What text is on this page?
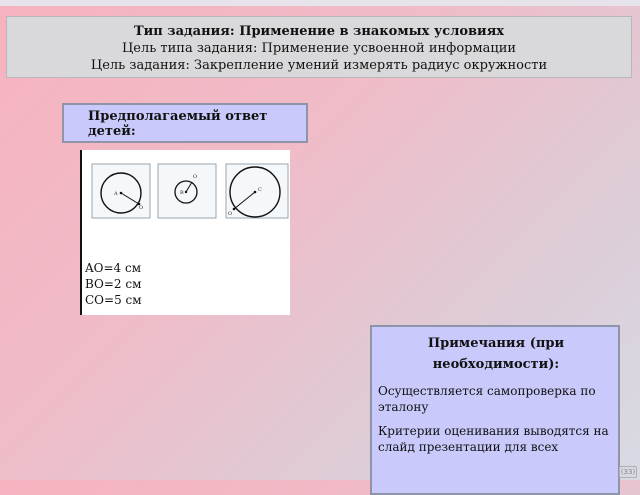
Тип задания: Применение в знакомых условиях
Цель типа задания: Применение усвоенной информации
Цель задания: Закрепление умений измерять радиус окружности
Предполагаемый ответ детей:
A
O
O
B
O
C
AO=4 см
BO=2 см
CO=5 см
Примечания (при необходимости):
Осуществляется самопроверка по эталону
Критерии оценивания выводятся на слайд презентации для всех
(33)
